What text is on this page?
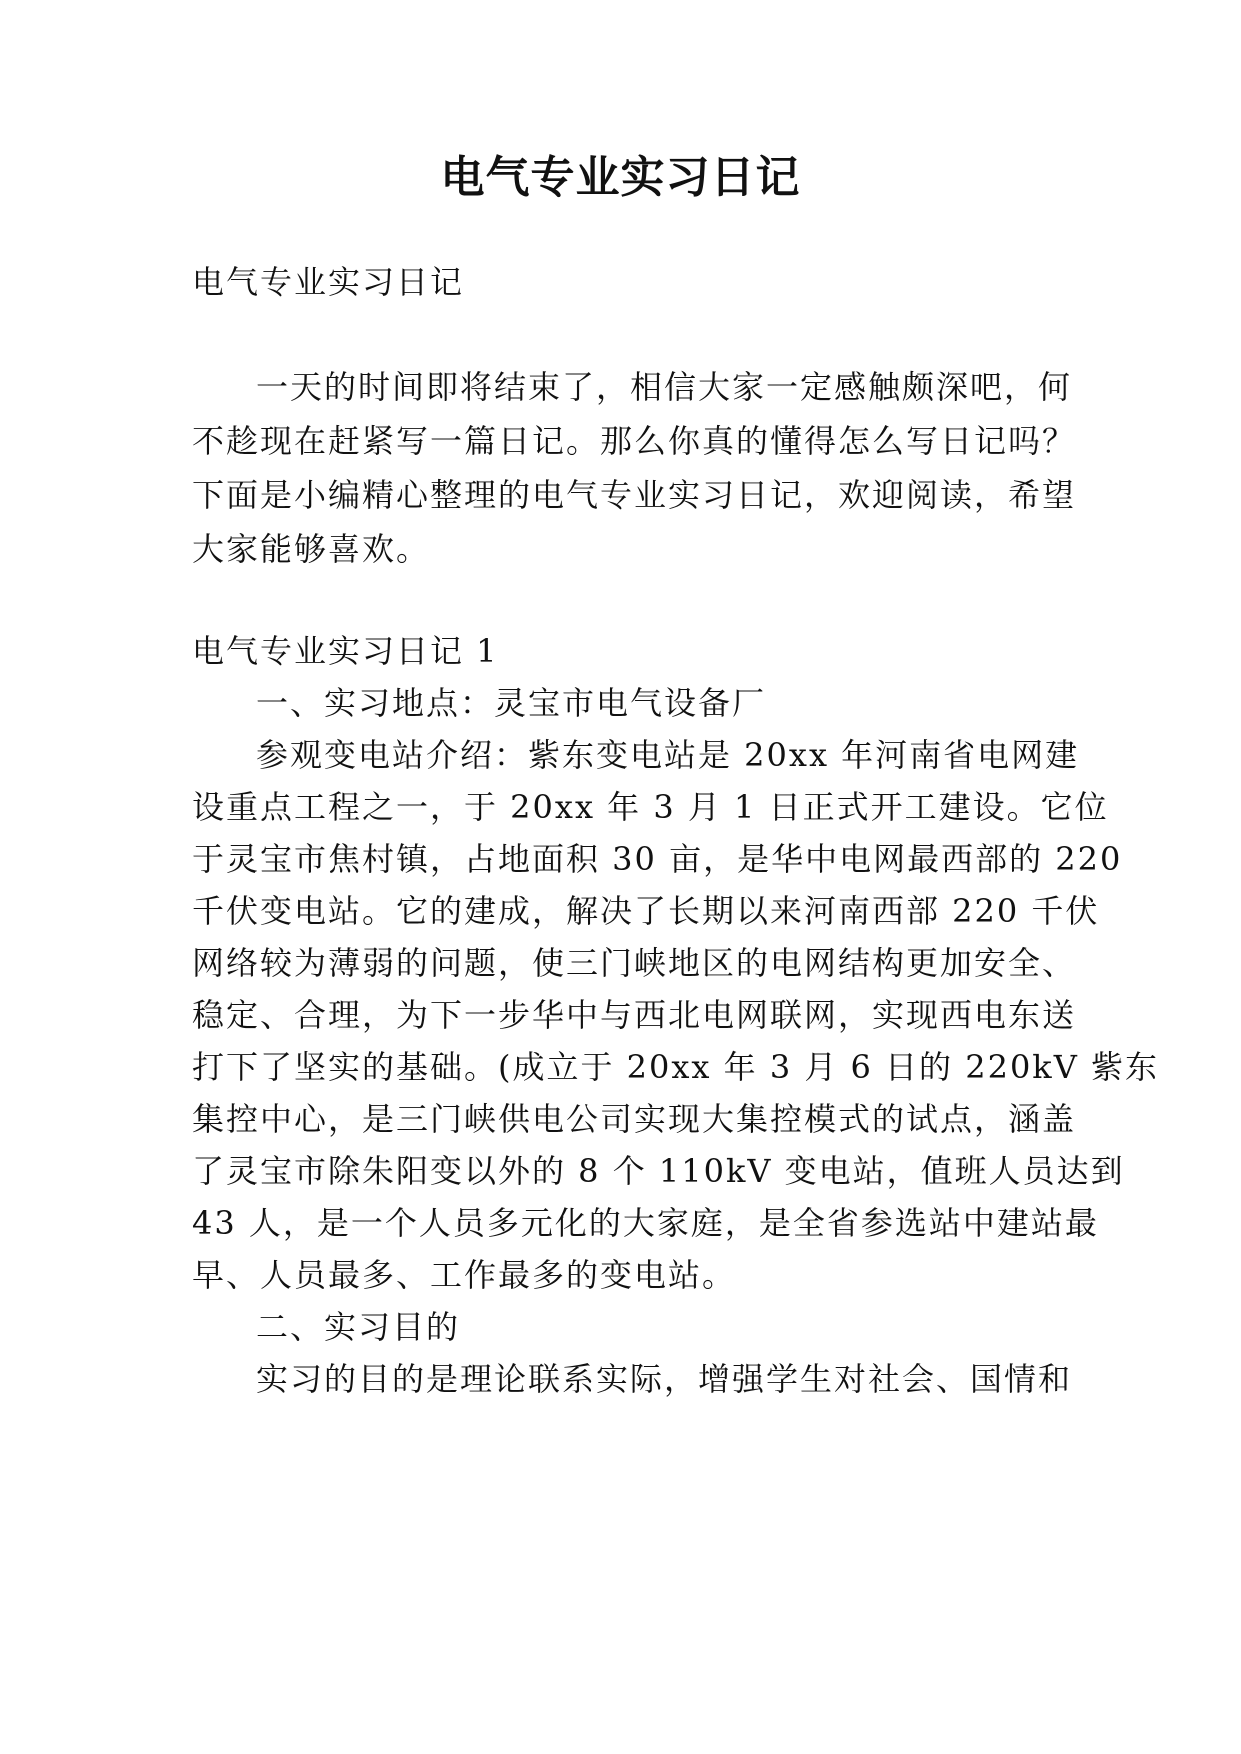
电气专业实习日记
电气专业实习日记
一天的时间即将结束了，相信大家一定感触颇深吧，何
不趁现在赶紧写一篇日记。那么你真的懂得怎么写日记吗？
下面是小编精心整理的电气专业实习日记，欢迎阅读，希望
大家能够喜欢。
电气专业实习日记 1
一、实习地点：灵宝市电气设备厂
参观变电站介绍：紫东变电站是 20xx 年河南省电网建
设重点工程之一，于 20xx 年 3 月 1 日正式开工建设。它位
于灵宝市焦村镇，占地面积 30 亩，是华中电网最西部的 220
千伏变电站。它的建成，解决了长期以来河南西部 220 千伏
网络较为薄弱的问题，使三门峡地区的电网结构更加安全、
稳定、合理，为下一步华中与西北电网联网，实现西电东送
打下了坚实的基础。(成立于 20xx 年 3 月 6 日的 220kV 紫东
集控中心，是三门峡供电公司实现大集控模式的试点，涵盖
了灵宝市除朱阳变以外的 8 个 110kV 变电站，值班人员达到
43 人，是一个人员多元化的大家庭，是全省参选站中建站最
早、人员最多、工作最多的变电站。
二、实习目的
实习的目的是理论联系实际，增强学生对社会、国情和
